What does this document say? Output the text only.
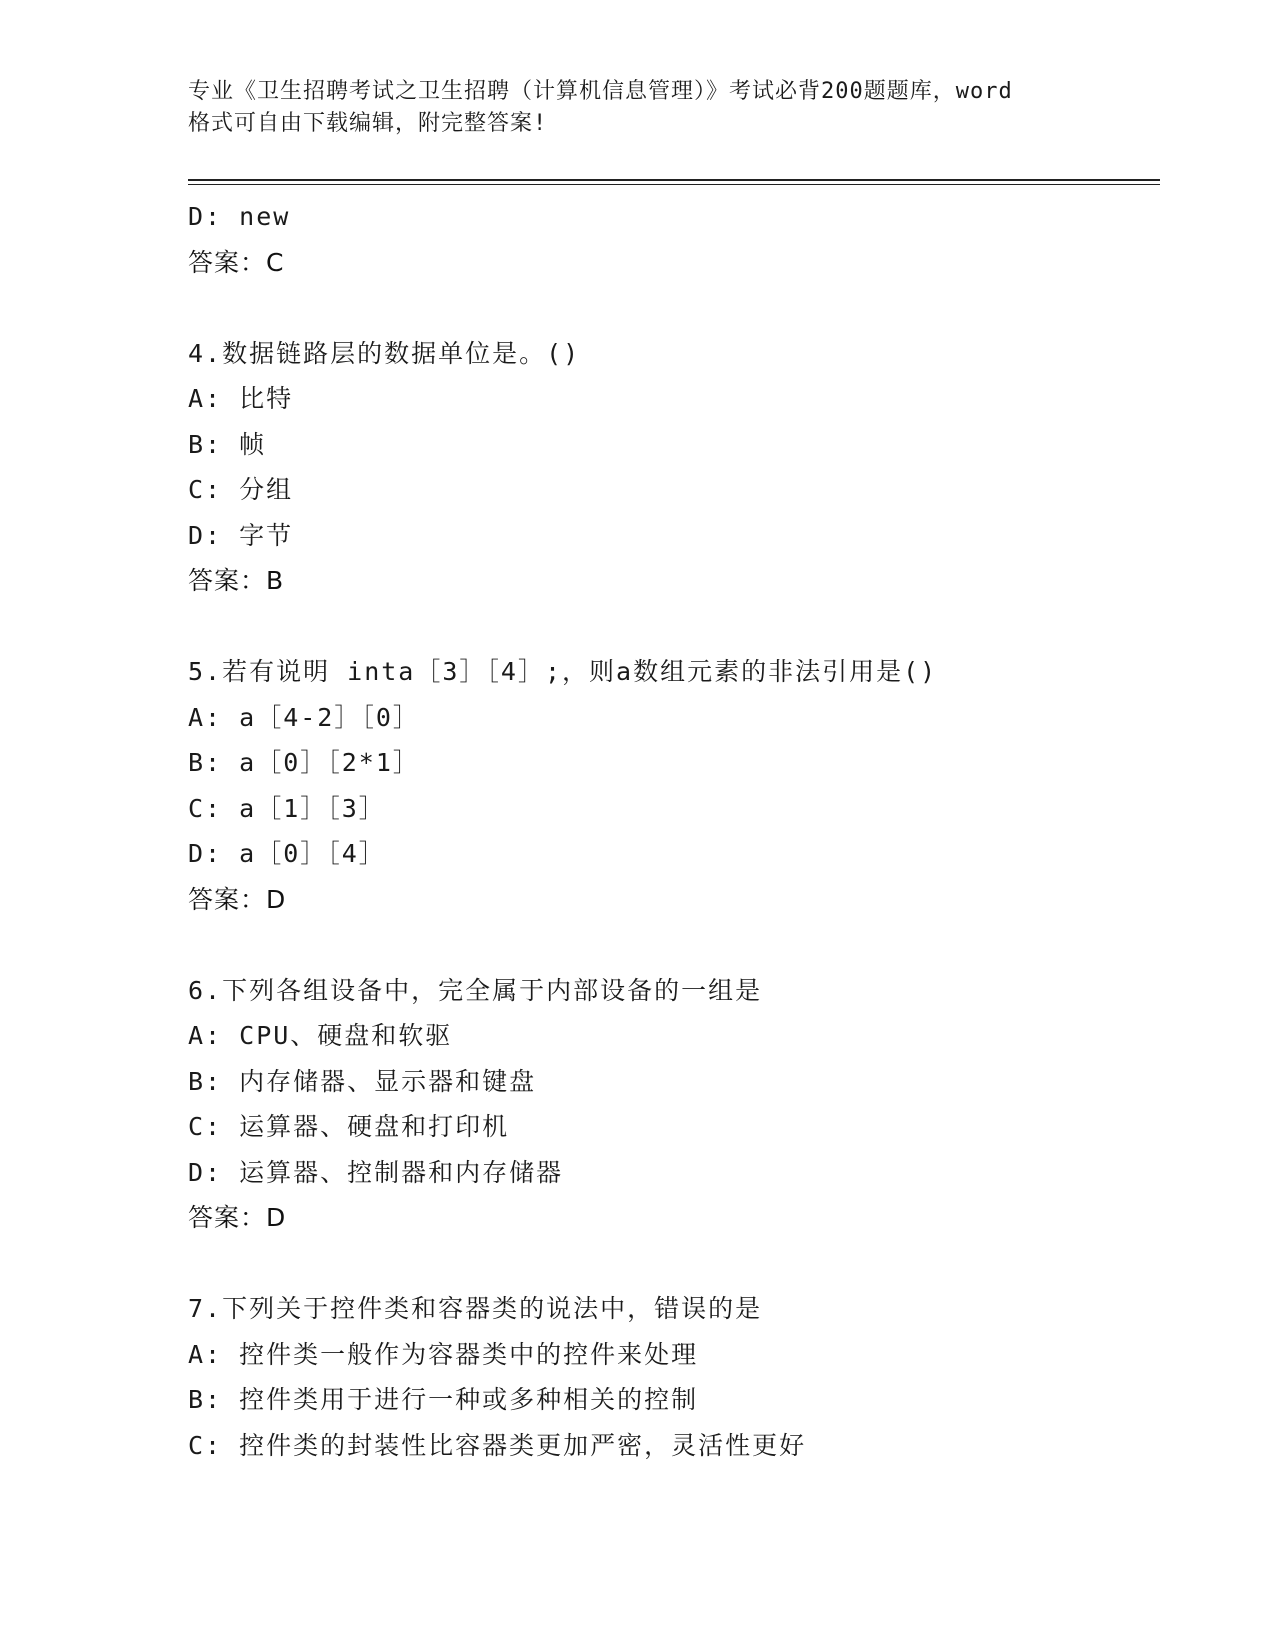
专业《卫生招聘考试之卫生招聘（计算机信息管理）》考试必背200题题库，word
格式可自由下载编辑，附完整答案!
D: new
答案：C
4.数据链路层的数据单位是。()
A: 比特
B: 帧
C: 分组
D: 字节
答案：B
5.若有说明 inta［3］［4］;，则a数组元素的非法引用是()
A: a［4-2］［0］
B: a［0］［2*1］
C: a［1］［3］
D: a［0］［4］
答案：D
6.下列各组设备中，完全属于内部设备的一组是
A: CPU、硬盘和软驱
B: 内存储器、显示器和键盘
C: 运算器、硬盘和打印机
D: 运算器、控制器和内存储器
答案：D
7.下列关于控件类和容器类的说法中，错误的是
A: 控件类一般作为容器类中的控件来处理
B: 控件类用于进行一种或多种相关的控制
C: 控件类的封装性比容器类更加严密，灵活性更好
